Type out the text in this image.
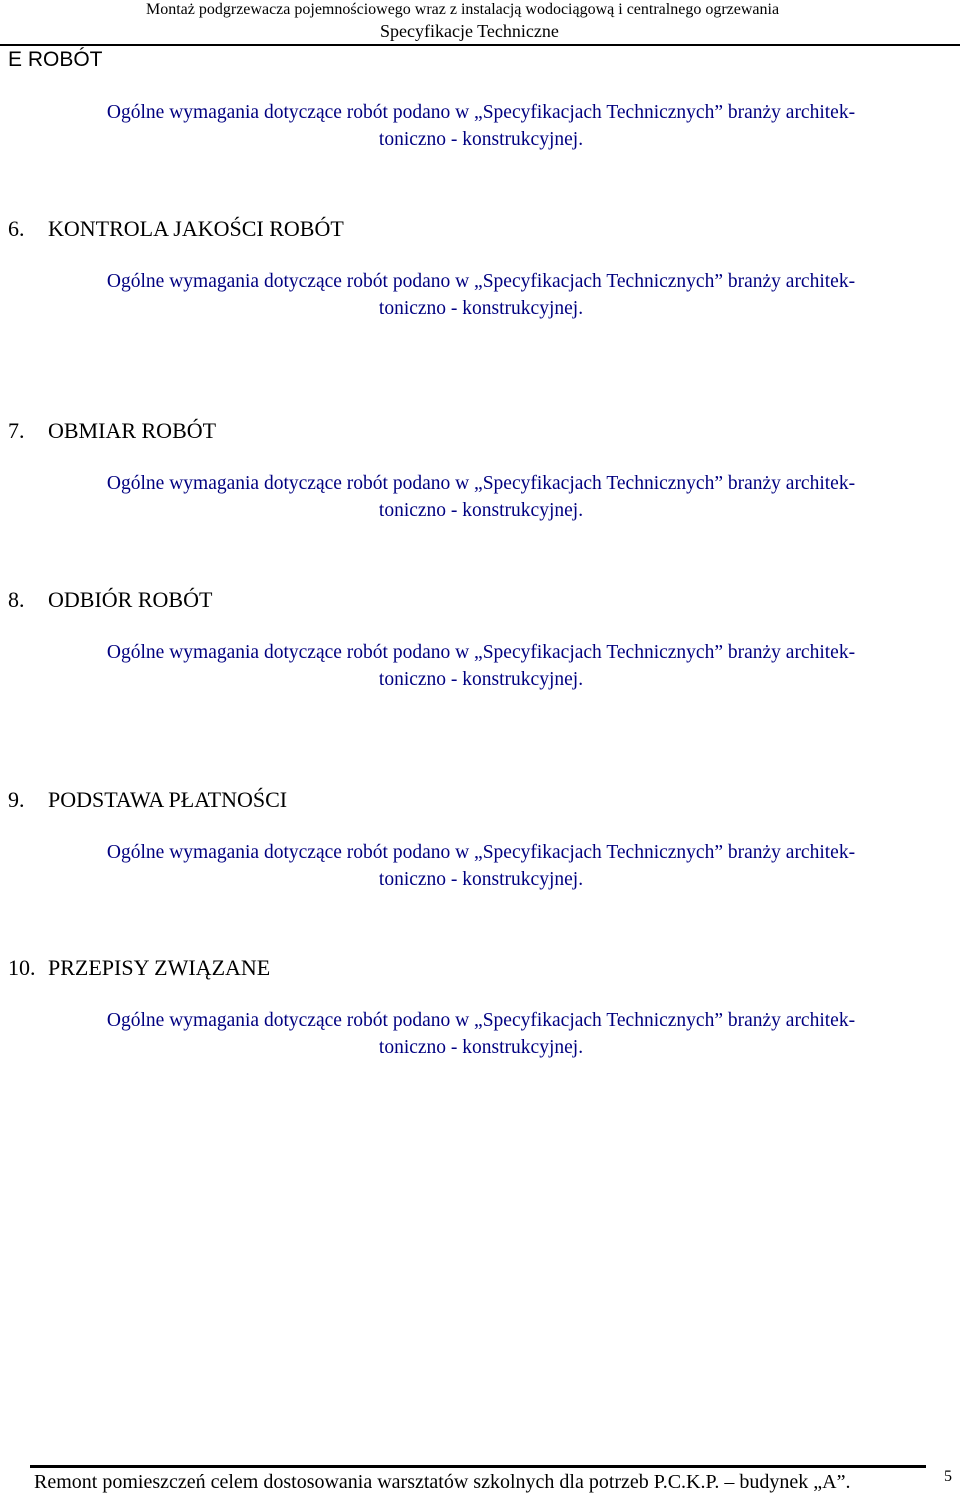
Montaż podgrzewacza pojemnościowego wraz z instalacją wodociągową i centralnego ogrzewania
Specyfikacje Techniczne
E ROBÓT
Ogólne wymagania dotyczące robót podano w „Specyfikacjach Technicznych” branży architek-
toniczno - konstrukcyjnej.
6. KONTROLA JAKOŚCI ROBÓT
Ogólne wymagania dotyczące robót podano w „Specyfikacjach Technicznych” branży architek-
toniczno - konstrukcyjnej.
7. OBMIAR ROBÓT
Ogólne wymagania dotyczące robót podano w „Specyfikacjach Technicznych” branży architek-
toniczno - konstrukcyjnej.
8. ODBIÓR ROBÓT
Ogólne wymagania dotyczące robót podano w „Specyfikacjach Technicznych” branży architek-
toniczno - konstrukcyjnej.
9. PODSTAWA PŁATNOŚCI
Ogólne wymagania dotyczące robót podano w „Specyfikacjach Technicznych” branży architek-
toniczno - konstrukcyjnej.
10. PRZEPISY ZWIĄZANE
Ogólne wymagania dotyczące robót podano w „Specyfikacjach Technicznych” branży architek-
toniczno - konstrukcyjnej.
Remont pomieszczeń celem dostosowania warsztatów szkolnych dla potrzeb P.C.K.P. – budynek „A”.	5
